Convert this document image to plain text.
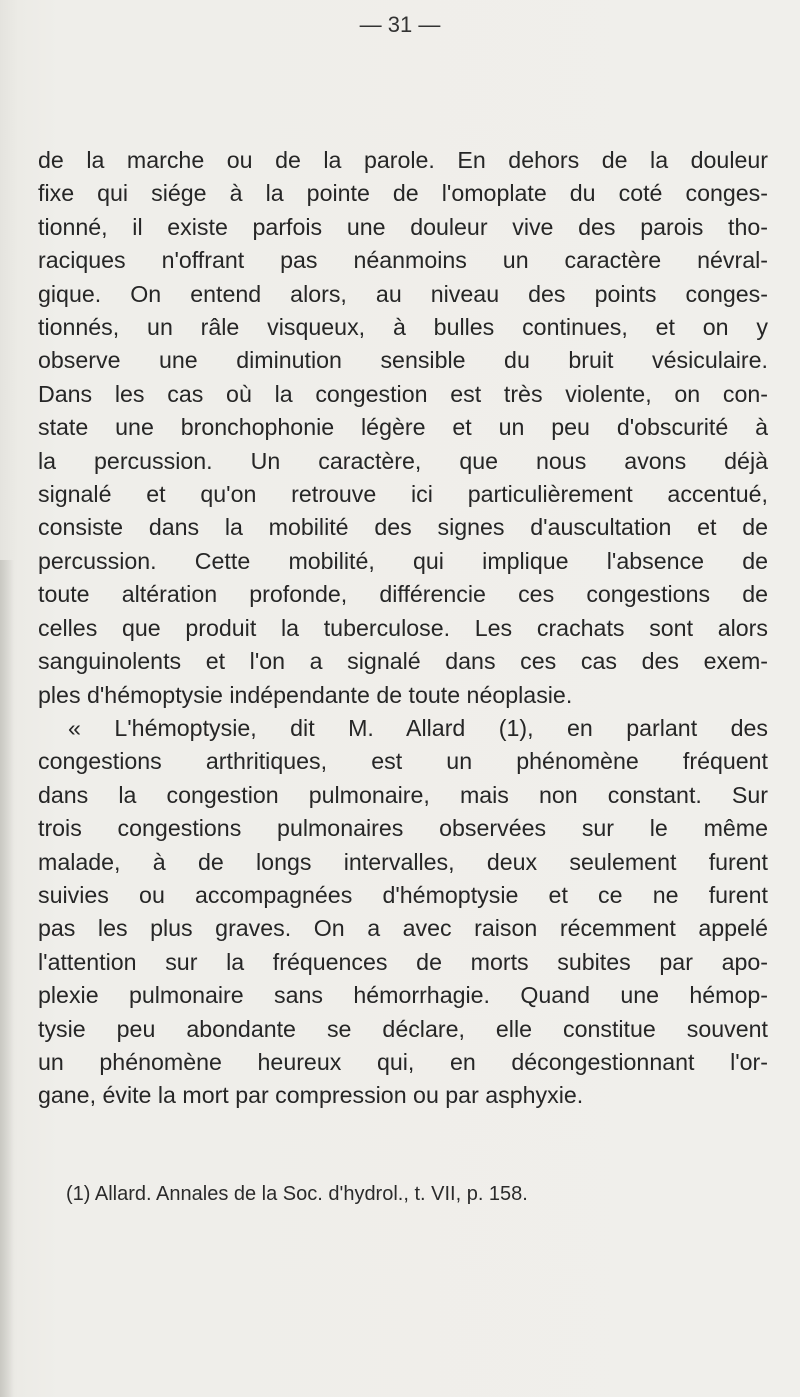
— 31 —
de la marche ou de la parole. En dehors de la douleur
fixe qui siége à la pointe de l'omoplate du coté conges-
tionné, il existe parfois une douleur vive des parois tho-
raciques n'offrant pas néanmoins un caractère névral-
gique. On entend alors, au niveau des points conges-
tionnés, un râle visqueux, à bulles continues, et on y
observe une diminution sensible du bruit vésiculaire.
Dans les cas où la congestion est très violente, on con-
state une bronchophonie légère et un peu d'obscurité à
la percussion. Un caractère, que nous avons déjà
signalé et qu'on retrouve ici particulièrement accentué,
consiste dans la mobilité des signes d'auscultation et de
percussion. Cette mobilité, qui implique l'absence de
toute altération profonde, différencie ces congestions de
celles que produit la tuberculose. Les crachats sont alors
sanguinolents et l'on a signalé dans ces cas des exem-
ples d'hémoptysie indépendante de toute néoplasie.
« L'hémoptysie, dit M. Allard (1), en parlant des
congestions arthritiques, est un phénomène fréquent
dans la congestion pulmonaire, mais non constant. Sur
trois congestions pulmonaires observées sur le même
malade, à de longs intervalles, deux seulement furent
suivies ou accompagnées d'hémoptysie et ce ne furent
pas les plus graves. On a avec raison récemment appelé
l'attention sur la fréquences de morts subites par apo-
plexie pulmonaire sans hémorrhagie. Quand une hémop-
tysie peu abondante se déclare, elle constitue souvent
un phénomène heureux qui, en décongestionnant l'or-
gane, évite la mort par compression ou par asphyxie.
(1) Allard. Annales de la Soc. d'hydrol., t. VII, p. 158.
